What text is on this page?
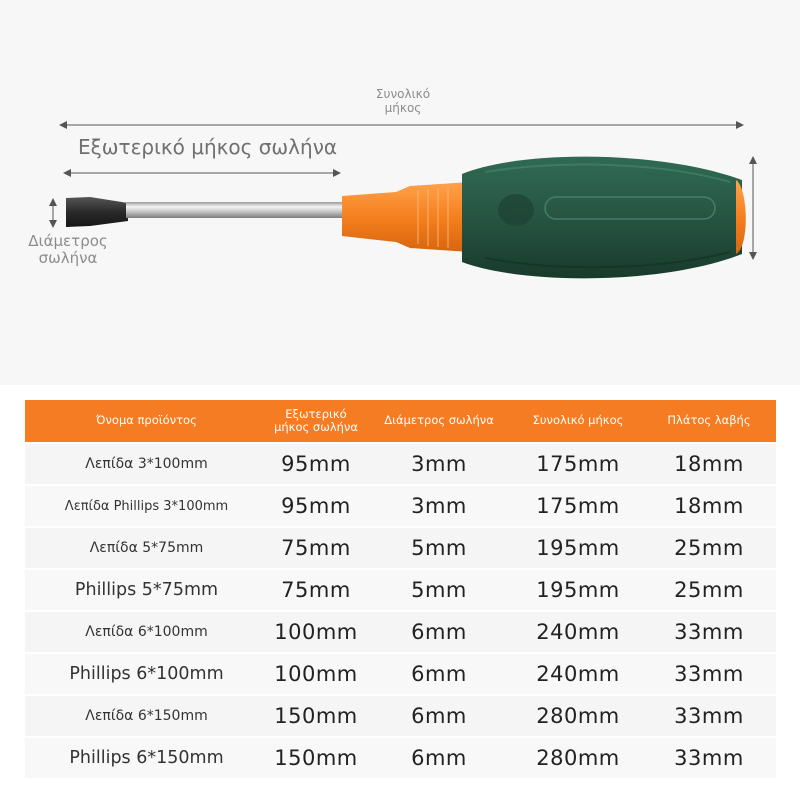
Συνολικό μήκος
Εξωτερικό μήκος σωλήνα
Διάμετρος σωλήνα
Όνομα προϊόντος	Εξωτερικό μήκος σωλήνα	Διάμετρος σωλήνα	Συνολικό μήκος	Πλάτος λαβής
Λεπίδα 3*100mm	95mm	3mm	175mm	18mm
Λεπίδα Phillips 3*100mm	95mm	3mm	175mm	18mm
Λεπίδα 5*75mm	75mm	5mm	195mm	25mm
Phillips 5*75mm	75mm	5mm	195mm	25mm
Λεπίδα 6*100mm	100mm	6mm	240mm	33mm
Phillips 6*100mm	100mm	6mm	240mm	33mm
Λεπίδα 6*150mm	150mm	6mm	280mm	33mm
Phillips 6*150mm	150mm	6mm	280mm	33mm
